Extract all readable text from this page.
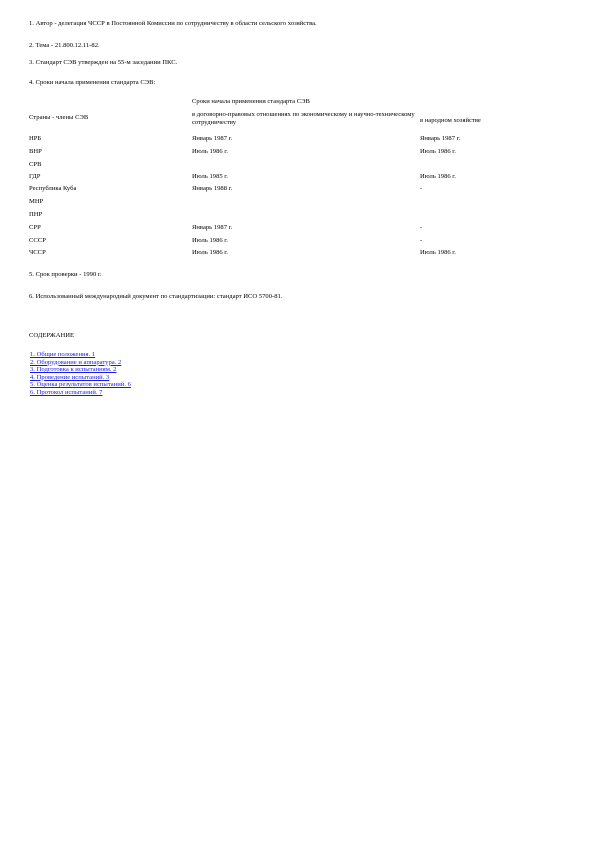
1. Автор - делегация ЧССР в Постоянной Комиссии по сотрудничеству в области сельского хозяйства.
2. Тема - 21.800.12.11-82.
3. Стандарт СЭВ утвержден на 55-м заседании ПКС.
4. Сроки начала применения стандарта СЭВ:
Сроки начала применения стандарта СЭВ
Страны - члены СЭВ	в договорно-правовых отношениях по экономическому и научно-техническому сотрудничеству	в народном хозяйстве
НРБ	Январь 1987 г.	Январь 1987 г.
ВНР	Июль 1986 г.	Июль 1986 г.
СРВ
ГДР	Июль 1985 г.	Июль 1986 г.
Республика Куба	Январь 1988 г.	-
МНР
ПНР
СРР	Январь 1987 г.	-
СССР	Июль 1986 г.	-
ЧССР	Июль 1986 г.	Июль 1986 г.
5. Срок проверки - 1990 г.
6. Использованный международный документ по стандартизации: стандарт ИСО 5700-81.
СОДЕРЖАНИЕ
1. Общие положения. 1
2. Оборудование и аппаратура. 2
3. Подготовка к испытаниям. 2
4. Проведение испытаний. 3
5. Оценка результатов испытаний. 6
6. Протокол испытаний. 7
